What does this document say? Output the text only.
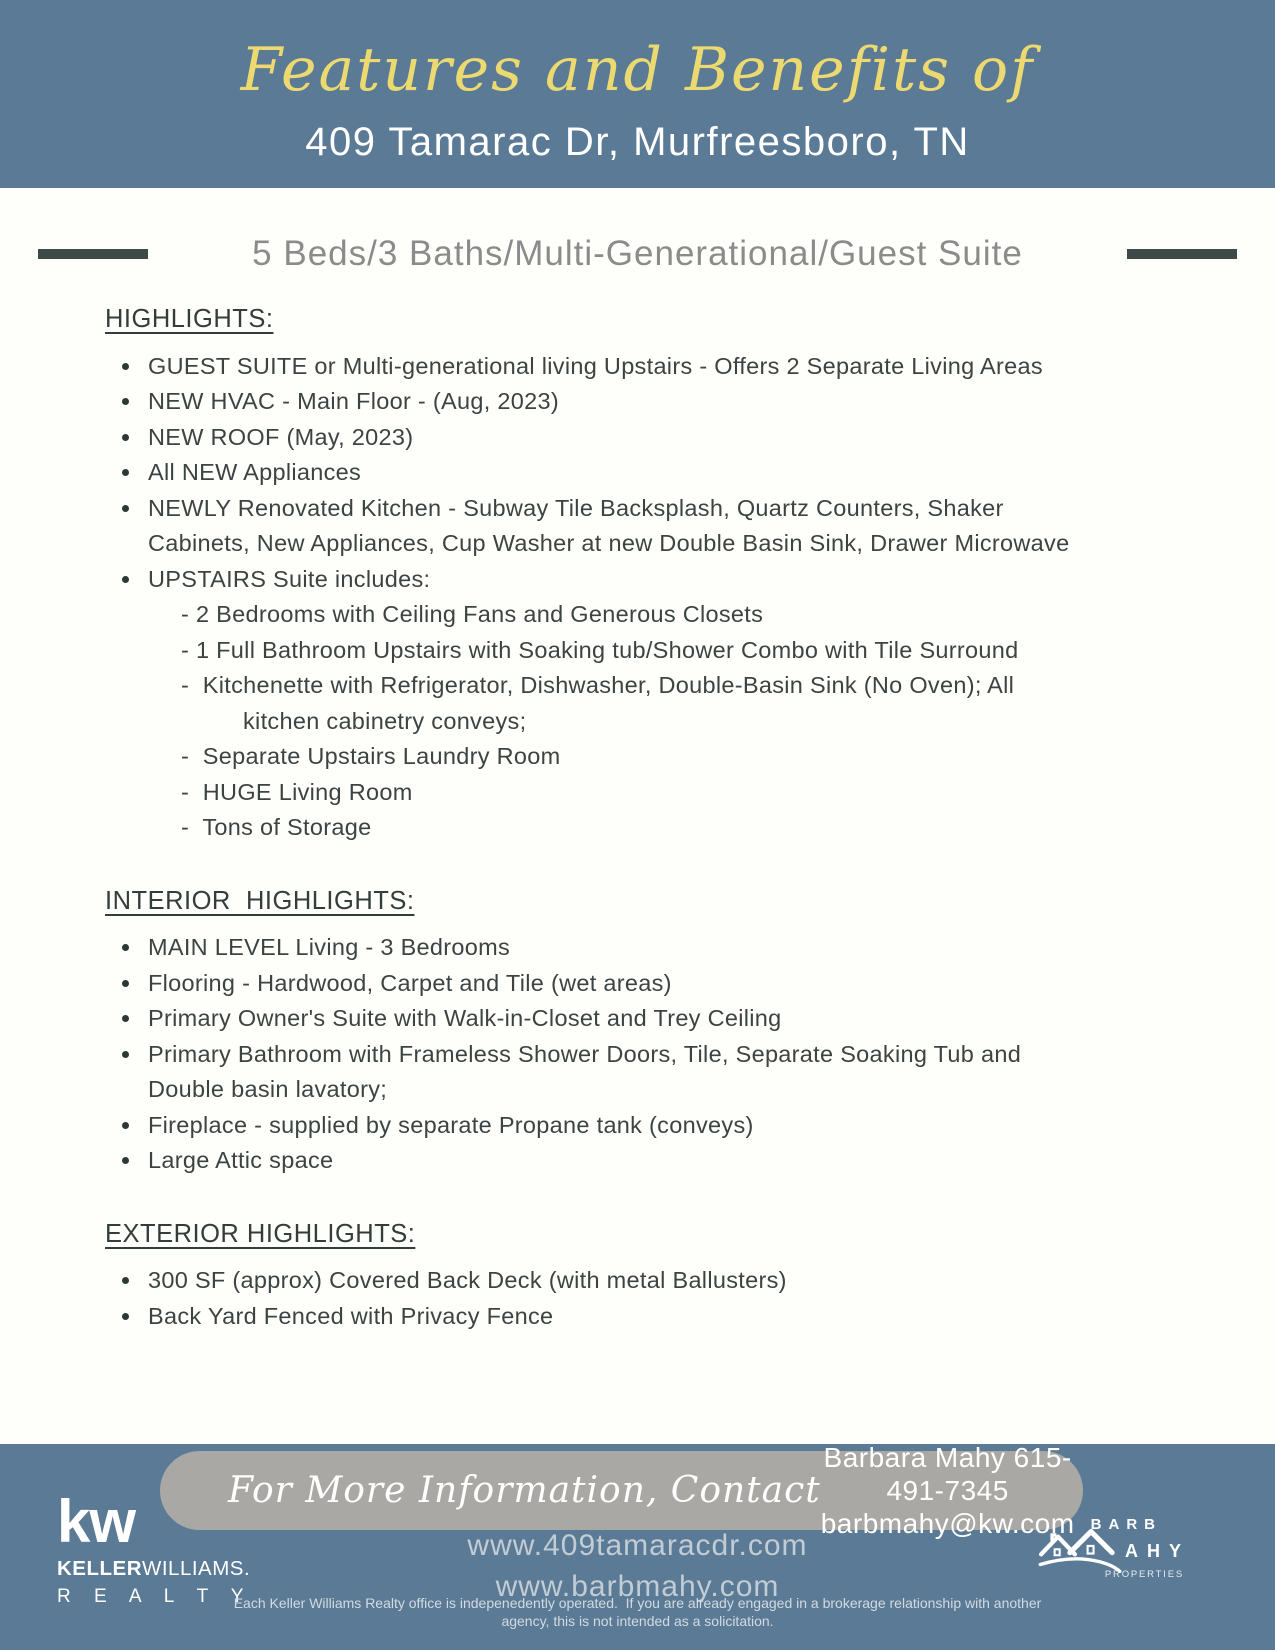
Features and Benefits of
409 Tamarac Dr, Murfreesboro, TN
5 Beds/3 Baths/Multi-Generational/Guest Suite
HIGHLIGHTS:
GUEST SUITE or Multi-generational living Upstairs - Offers 2 Separate Living Areas
NEW HVAC - Main Floor - (Aug, 2023)
NEW ROOF (May, 2023)
All NEW Appliances
NEWLY Renovated Kitchen - Subway Tile Backsplash, Quartz Counters, Shaker
Cabinets, New Appliances, Cup Washer at new Double Basin Sink, Drawer Microwave
UPSTAIRS Suite includes:
- 2 Bedrooms with Ceiling Fans and Generous Closets
- 1 Full Bathroom Upstairs with Soaking tub/Shower Combo with Tile Surround
-  Kitchenette with Refrigerator, Dishwasher, Double-Basin Sink (No Oven); All
kitchen cabinetry conveys;
-  Separate Upstairs Laundry Room
-  HUGE Living Room
-  Tons of Storage
INTERIOR  HIGHLIGHTS:
MAIN LEVEL Living - 3 Bedrooms
Flooring - Hardwood, Carpet and Tile (wet areas)
Primary Owner's Suite with Walk-in-Closet and Trey Ceiling
Primary Bathroom with Frameless Shower Doors, Tile, Separate Soaking Tub and
Double basin lavatory;
Fireplace - supplied by separate Propane tank (conveys)
Large Attic space
EXTERIOR HIGHLIGHTS:
300 SF (approx) Covered Back Deck (with metal Ballusters)
Back Yard Fenced with Privacy Fence
For More Information, Contact
Barbara Mahy 615-491-7345
barbmahy@kw.com
kw
KELLERWILLIAMS.
R E A L T Y
www.409tamaracdr.com
www.barbmahy.com
BARB
AHY
PROPERTIES
Each Keller Williams Realty office is indepenedently operated.  If you are already engaged in a brokerage relationship with another agency, this is not intended as a solicitation.
